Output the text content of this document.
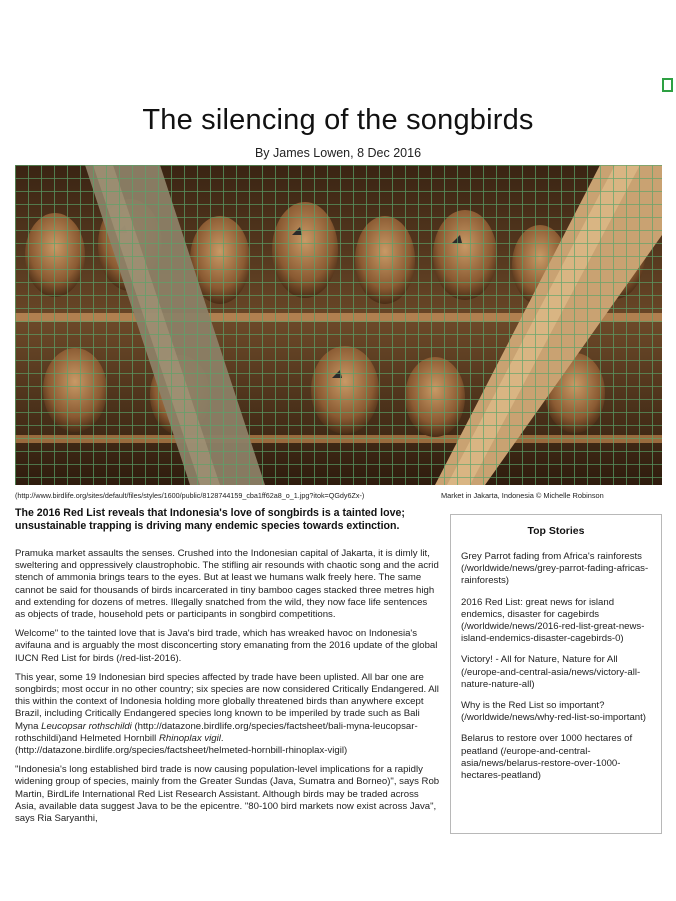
The silencing of the songbirds
By James Lowen, 8 Dec 2016
(http://www.birdlife.org/sites/default/files/styles/1600/public/8128744159_cba1ff62a8_o_1.jpg?itok=QGdy6Zx-)	Market in Jakarta, Indonesia © Michelle Robinson
The 2016 Red List reveals that Indonesia's love of songbirds is a tainted love; unsustainable trapping is driving many endemic species towards extinction.

Pramuka market assaults the senses. Crushed into the Indonesian capital of Jakarta, it is dimly lit, sweltering and oppressively claustrophobic. The stifling air resounds with chaotic song and the acrid stench of ammonia brings tears to the eyes. But at least we humans walk freely here. The same cannot be said for thousands of birds incarcerated in tiny bamboo cages stacked three metres high and extending for dozens of metres. Illegally snatched from the wild, they now face life sentences as objects of trade, household pets or participants in songbird competitions.

Welcome" to the tainted love that is Java's bird trade, which has wreaked havoc on Indonesia's avifauna and is arguably the most disconcerting story emanating from the 2016 update of the global IUCN Red List for birds (/red-list-2016).

This year, some 19 Indonesian bird species affected by trade have been uplisted. All bar one are songbirds; most occur in no other country; six species are now considered Critically Endangered. All this within the context of Indonesia holding more globally threatened birds than anywhere except Brazil, including Critically Endangered species long known to be imperiled by trade such as Bali Myna Leucopsar rothschildi (http://datazone.birdlife.org/species/factsheet/bali-myna-leucopsar-rothschildi)and Helmeted Hornbill Rhinoplax vigil. (http://datazone.birdlife.org/species/factsheet/helmeted-hornbill-rhinoplax-vigil)

"Indonesia's long established bird trade is now causing population-level implications for a rapidly widening group of species, mainly from the Greater Sundas (Java, Sumatra and Borneo)", says Rob Martin, BirdLife International Red List Research Assistant. Although birds may be traded across Asia, available data suggest Java to be the epicentre. "80-100 bird markets now exist across Java", says Ria Saryanthi,

Top Stories
Grey Parrot fading from Africa's rainforests (/worldwide/news/grey-parrot-fading-africas-rainforests)
2016 Red List: great news for island endemics, disaster for cagebirds (/worldwide/news/2016-red-list-great-news-island-endemics-disaster-cagebirds-0)
Victory! - All for Nature, Nature for All (/europe-and-central-asia/news/victory-all-nature-nature-all)
Why is the Red List so important? (/worldwide/news/why-red-list-so-important)
Belarus to restore over 1000 hectares of peatland (/europe-and-central-asia/news/belarus-restore-over-1000-hectares-peatland)
